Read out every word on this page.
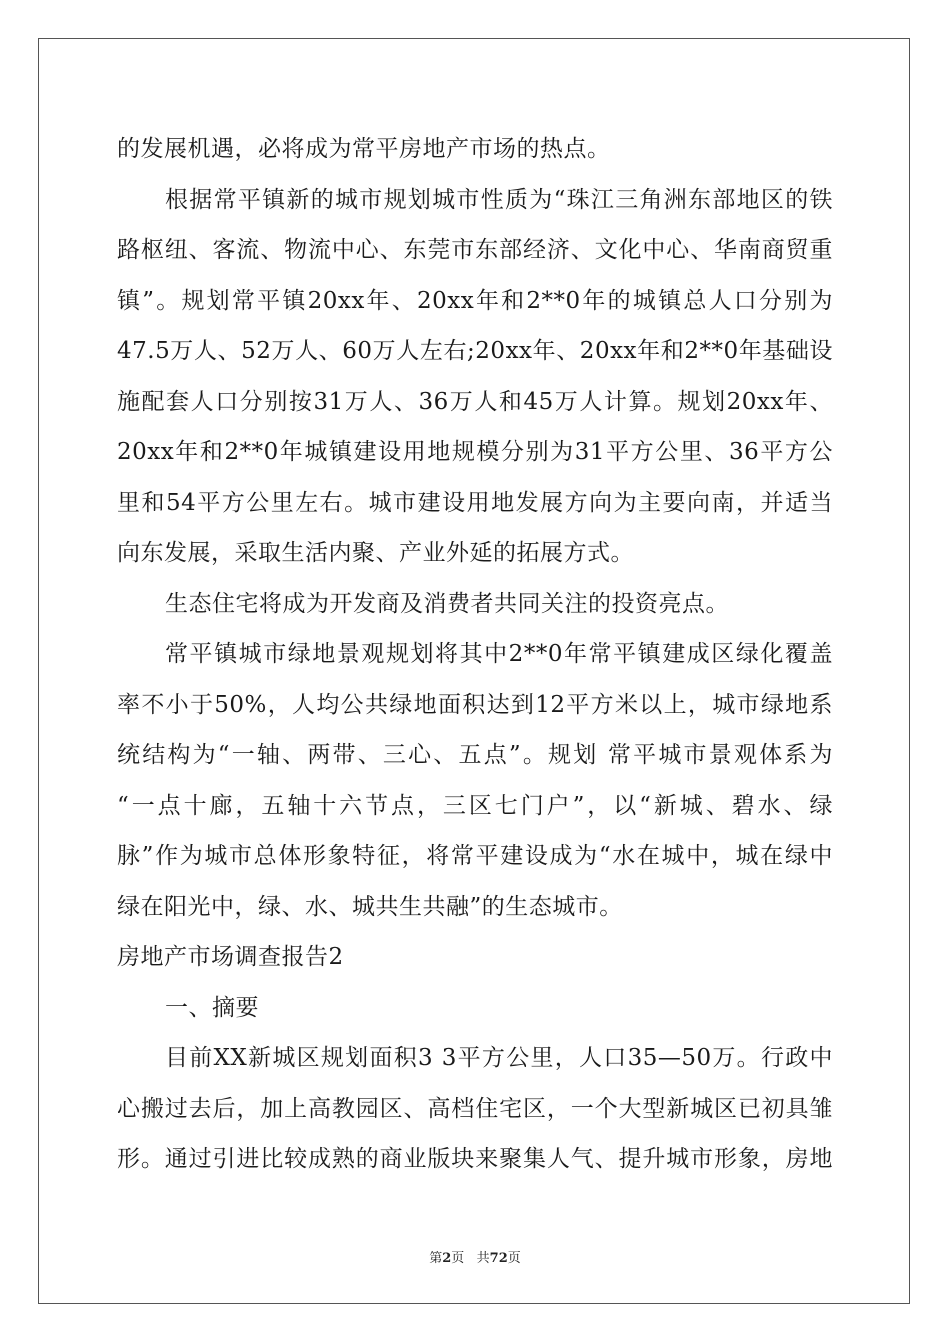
的发展机遇，必将成为常平房地产市场的热点。
根据常平镇新的城市规划城市性质为“珠江三角洲东部地区的铁
路枢纽、客流、物流中心、东莞市东部经济、文化中心、华南商贸重
镇”。规划常平镇20xx年、20xx年和2**0年的城镇总人口分别为
47.5万人、52万人、60万人左右;20xx年、20xx年和2**0年基础设
施配套人口分别按31万人、36万人和45万人计算。规划20xx年、
20xx年和2**0年城镇建设用地规模分别为31平方公里、36平方公
里和54平方公里左右。城市建设用地发展方向为主要向南，并适当
向东发展，采取生活内聚、产业外延的拓展方式。
生态住宅将成为开发商及消费者共同关注的投资亮点。
常平镇城市绿地景观规划将其中2**0年常平镇建成区绿化覆盖
率不小于50%，人均公共绿地面积达到12平方米以上，城市绿地系
统结构为“一轴、两带、三心、五点”。规划 常平城市景观体系为
“一点十廊，五轴十六节点，三区七门户”，以“新城、碧水、绿
脉”作为城市总体形象特征，将常平建设成为“水在城中，城在绿中
绿在阳光中，绿、水、城共生共融”的生态城市。
房地产市场调查报告2
一、摘要
目前XX新城区规划面积3 3平方公里，人口35—50万。行政中
心搬过去后，加上高教园区、高档住宅区，一个大型新城区已初具雏
形。通过引进比较成熟的商业版块来聚集人气、提升城市形象，房地
第2页   共72页
